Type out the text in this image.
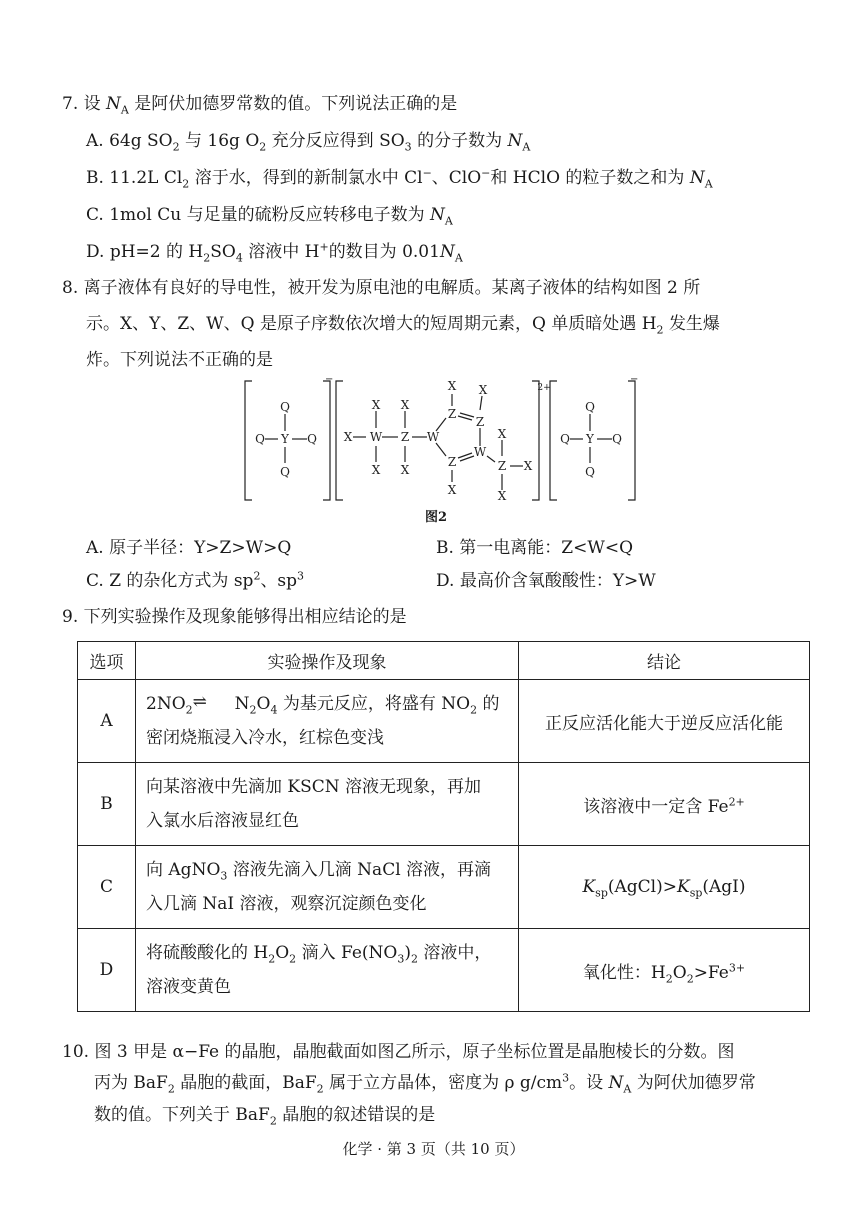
7. 设 $N_A$ 是阿伏加德罗常数的值。下列说法正确的是
A. 64g $SO_2$ 与 16g $O_2$ 充分反应得到 $SO_3$ 的分子数为 $N_A$
B. 11.2L $Cl_2$ 溶于水，得到的新制氯水中 Cl−、ClO−和 HClO 的粒子数之和为 $N_A$
C. 1mol Cu 与足量的硫粉反应转移电子数为 $N_A$
D. pH=2 的 $H_2SO_4$ 溶液中 H+的数目为 $0.01N_A$
8. 离子液体有良好的导电性，被开发为原电池的电解质。某离子液体的结构如图 2 所
示。X、Y、Z、W、Q 是原子序数依次增大的短周期元素，Q 单质暗处遇 $H_2$ 发生爆
炸。下列说法不正确的是
Q
Q Y Q
Q
X W Z W
X
X
X
X
X X
Z
Z
Z
W
X
X
Z X
X
2+
Q
Q Y Q
Q
−	−
图2
A. 原子半径：Y>Z>W>Q	B. 第一电离能：Z<W<Q
C. Z 的杂化方式为 $sp^2$、$sp^3$	D. 最高价含氧酸酸性：Y>W
9. 下列实验操作及现象能够得出相应结论的是
选项	实验操作及现象	结论
A	$2NO_2\rightleftharpoons$ $N_2O_4$ 为基元反应，将盛有 $NO_2$ 的
密闭烧瓶浸入冷水，红棕色变浅	正反应活化能大于逆反应活化能
B	向某溶液中先滴加 KSCN 溶液无现象，再加
入氯水后溶液显红色	该溶液中一定含 $Fe^{2+}$
C	向 AgNO$_3$ 溶液先滴入几滴 NaCl 溶液，再滴
入几滴 NaI 溶液，观察沉淀颜色变化	$K_{sp}(AgCl)>K_{sp}(AgI)$
D	将硫酸酸化的 $H_2O_2$ 滴入 $Fe(NO_3)_2$ 溶液中，
溶液变黄色	氧化性：$H_2O_2>Fe^{3+}$
10. 图 3 甲是 α−Fe 的晶胞，晶胞截面如图乙所示，原子坐标位置是晶胞棱长的分数。图
丙为 BaF$_2$ 晶胞的截面，BaF$_2$ 属于立方晶体，密度为 ρ $g/cm^3$。设 $N_A$ 为阿伏加德罗常
数的值。下列关于 BaF$_2$ 晶胞的叙述错误的是
化学 · 第 3 页（共 10 页）
